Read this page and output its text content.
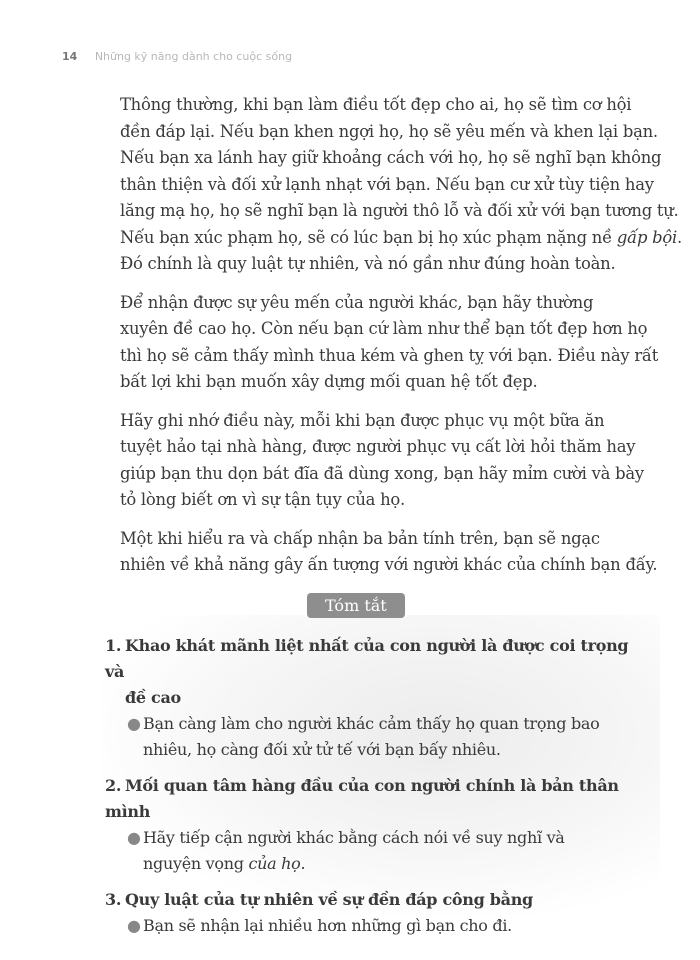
14 Những kỹ năng dành cho cuộc sống
Thông thường, khi bạn làm điều tốt đẹp cho ai, họ sẽ tìm cơ hội
đền đáp lại. Nếu bạn khen ngợi họ, họ sẽ yêu mến và khen lại bạn.
Nếu bạn xa lánh hay giữ khoảng cách với họ, họ sẽ nghĩ bạn không
thân thiện và đối xử lạnh nhạt với bạn. Nếu bạn cư xử tùy tiện hay
lăng mạ họ, họ sẽ nghĩ bạn là người thô lỗ và đối xử với bạn tương tự.
Nếu bạn xúc phạm họ, sẽ có lúc bạn bị họ xúc phạm nặng nề gấp bội.
Đó chính là quy luật tự nhiên, và nó gần như đúng hoàn toàn.
Để nhận được sự yêu mến của người khác, bạn hãy thường
xuyên đề cao họ. Còn nếu bạn cứ làm như thể bạn tốt đẹp hơn họ
thì họ sẽ cảm thấy mình thua kém và ghen tỵ với bạn. Điều này rất
bất lợi khi bạn muốn xây dựng mối quan hệ tốt đẹp.
Hãy ghi nhớ điều này, mỗi khi bạn được phục vụ một bữa ăn
tuyệt hảo tại nhà hàng, được người phục vụ cất lời hỏi thăm hay
giúp bạn thu dọn bát đĩa đã dùng xong, bạn hãy mỉm cười và bày
tỏ lòng biết ơn vì sự tận tụy của họ.
Một khi hiểu ra và chấp nhận ba bản tính trên, bạn sẽ ngạc
nhiên về khả năng gây ấn tượng với người khác của chính bạn đấy.
Tóm tắt
1. Khao khát mãnh liệt nhất của con người là được coi trọng và
đề cao
● Bạn càng làm cho người khác cảm thấy họ quan trọng bao
nhiêu, họ càng đối xử tử tế với bạn bấy nhiêu.
2. Mối quan tâm hàng đầu của con người chính là bản thân mình
● Hãy tiếp cận người khác bằng cách nói về suy nghĩ và
nguyện vọng của họ.
3. Quy luật của tự nhiên về sự đền đáp công bằng
● Bạn sẽ nhận lại nhiều hơn những gì bạn cho đi.
